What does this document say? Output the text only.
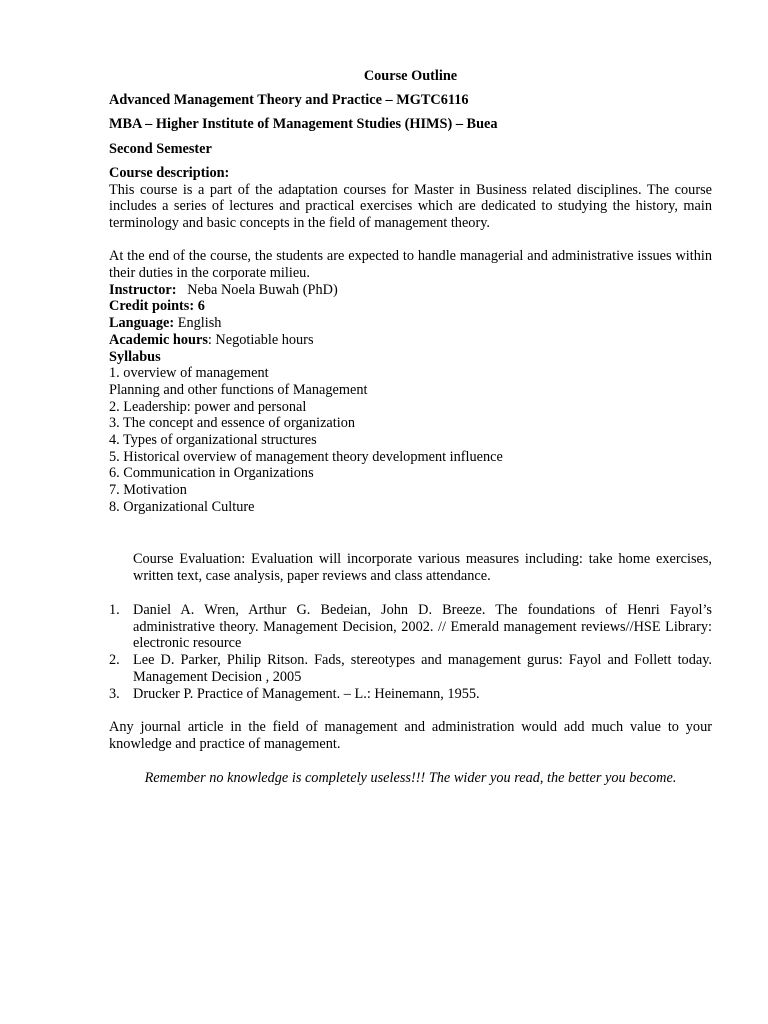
Course Outline
Advanced Management Theory and Practice – MGTC6116
MBA – Higher Institute of Management Studies (HIMS) – Buea
Second Semester
Course description:
This course is a part of the adaptation courses for Master in Business related disciplines. The course includes a series of lectures and practical exercises which are dedicated to studying the history, main terminology and basic concepts in the field of management theory.
At the end of the course, the students are expected to handle managerial and administrative issues within their duties in the corporate milieu.
Instructor: Neba Noela Buwah (PhD)
Credit points: 6
Language: English
Academic hours: Negotiable hours
Syllabus
1. overview of management
Planning and other functions of Management
2. Leadership: power and personal
3. The concept and essence of organization
4. Types of organizational structures
5. Historical overview of management theory development influence
6. Communication in Organizations
7. Motivation
8. Organizational Culture
Course Evaluation: Evaluation will incorporate various measures including: take home exercises, written text, case analysis, paper reviews and class attendance.
1. Daniel A. Wren, Arthur G. Bedeian, John D. Breeze. The foundations of Henri Fayol’s administrative theory. Management Decision, 2002. // Emerald management reviews//HSE Library: electronic resource
2. Lee D. Parker, Philip Ritson. Fads, stereotypes and management gurus: Fayol and Follett today. Management Decision , 2005
3. Drucker P. Practice of Management. – L.: Heinemann, 1955.
Any journal article in the field of management and administration would add much value to your knowledge and practice of management.
Remember no knowledge is completely useless!!! The wider you read, the better you become.
